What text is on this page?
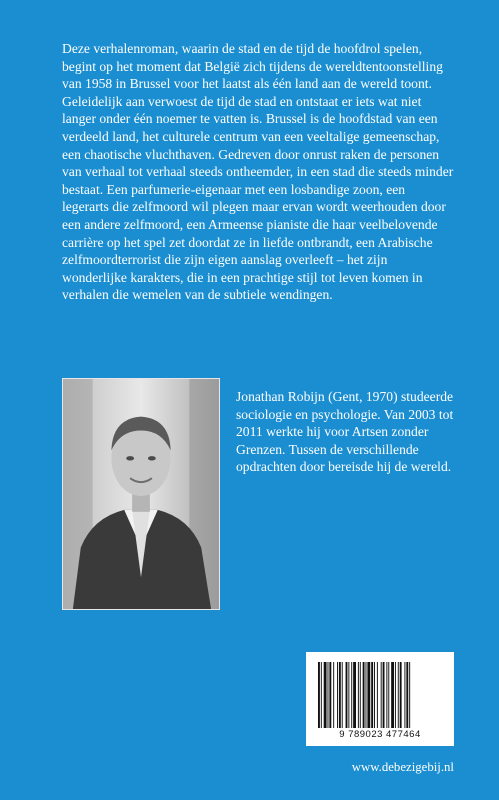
Deze verhalenroman, waarin de stad en de tijd de hoofdrol spelen, begint op het moment dat België zich tijdens de wereldtentoonstelling van 1958 in Brussel voor het laatst als één land aan de wereld toont. Geleidelijk aan verwoest de tijd de stad en ontstaat er iets wat niet langer onder één noemer te vatten is. Brussel is de hoofdstad van een verdeeld land, het culturele centrum van een veeltalige gemeenschap, een chaotische vluchthaven. Gedreven door onrust raken de personen van verhaal tot verhaal steeds ontheemder, in een stad die steeds minder bestaat. Een parfumerie-eigenaar met een losbandige zoon, een legerarts die zelfmoord wil plegen maar ervan wordt weerhouden door een andere zelfmoord, een Armeense pianiste die haar veelbelovende carrière op het spel zet doordat ze in liefde ontbrandt, een Arabische zelfmoordterrorist die zijn eigen aanslag overleeft – het zijn wonderlijke karakters, die in een prachtige stijl tot leven komen in verhalen die wemelen van de subtiele wendingen.

Jonathan Robijn (Gent, 1970) studeerde sociologie en psychologie. Van 2003 tot 2011 werkte hij voor Artsen zonder Grenzen. Tussen de verschillende opdrachten door bereisde hij de wereld.

9 789023 477464
www.debezigebij.nl
